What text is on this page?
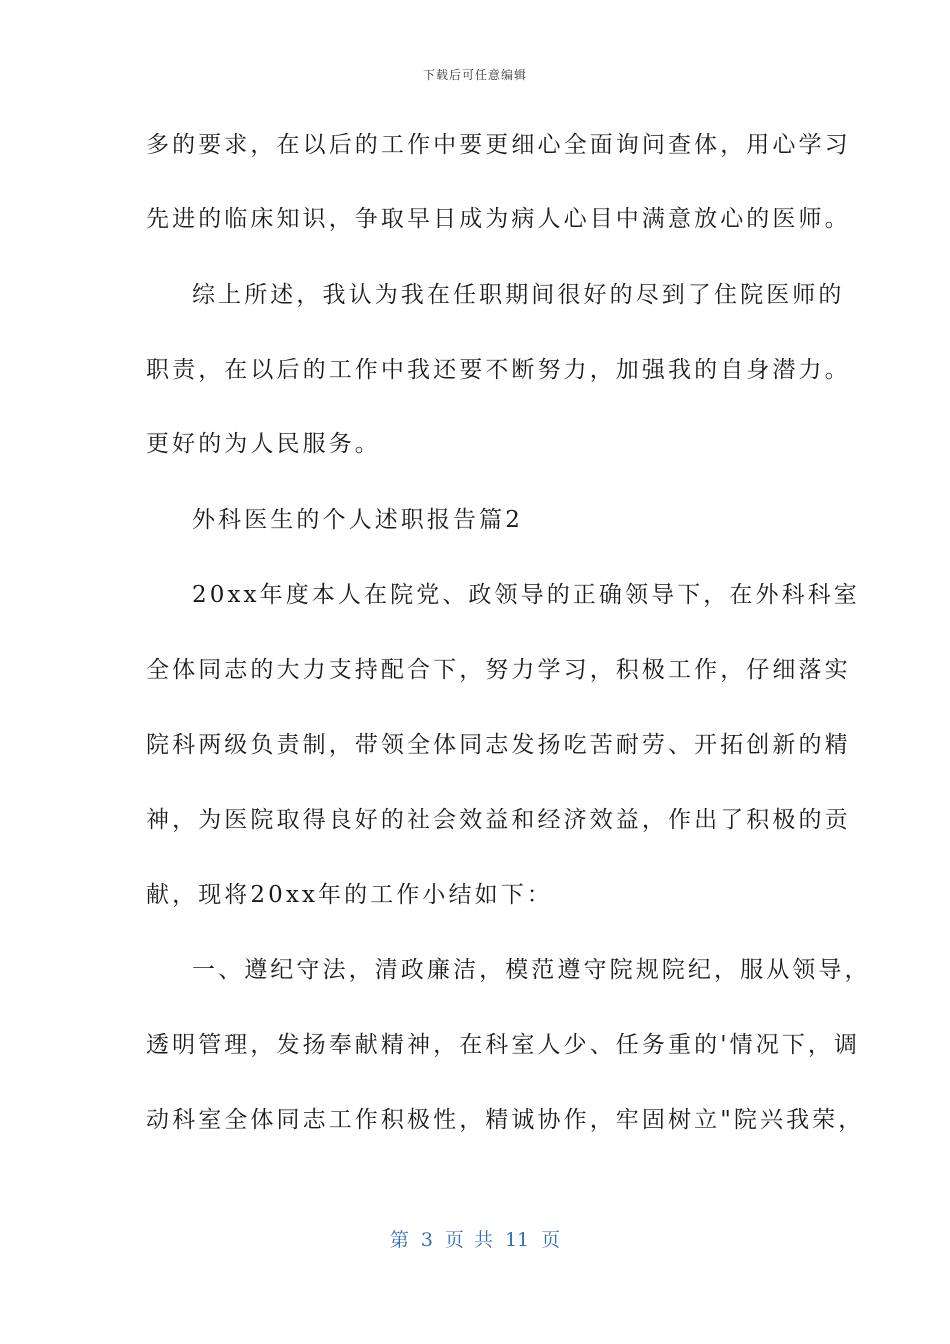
下载后可任意编辑
多的要求，在以后的工作中要更细心全面询问查体，用心学习
先进的临床知识，争取早日成为病人心目中满意放心的医师。
综上所述，我认为我在任职期间很好的尽到了住院医师的
职责，在以后的工作中我还要不断努力，加强我的自身潜力。
更好的为人民服务。
外科医生的个人述职报告篇2
20xx年度本人在院党、政领导的正确领导下，在外科科室
全体同志的大力支持配合下，努力学习，积极工作，仔细落实
院科两级负责制，带领全体同志发扬吃苦耐劳、开拓创新的精
神，为医院取得良好的社会效益和经济效益，作出了积极的贡
献，现将20xx年的工作小结如下：
一、遵纪守法，清政廉洁，模范遵守院规院纪，服从领导，
透明管理，发扬奉献精神，在科室人少、任务重的'情况下，调
动科室全体同志工作积极性，精诚协作，牢固树立"院兴我荣，
第 3 页 共 11 页
